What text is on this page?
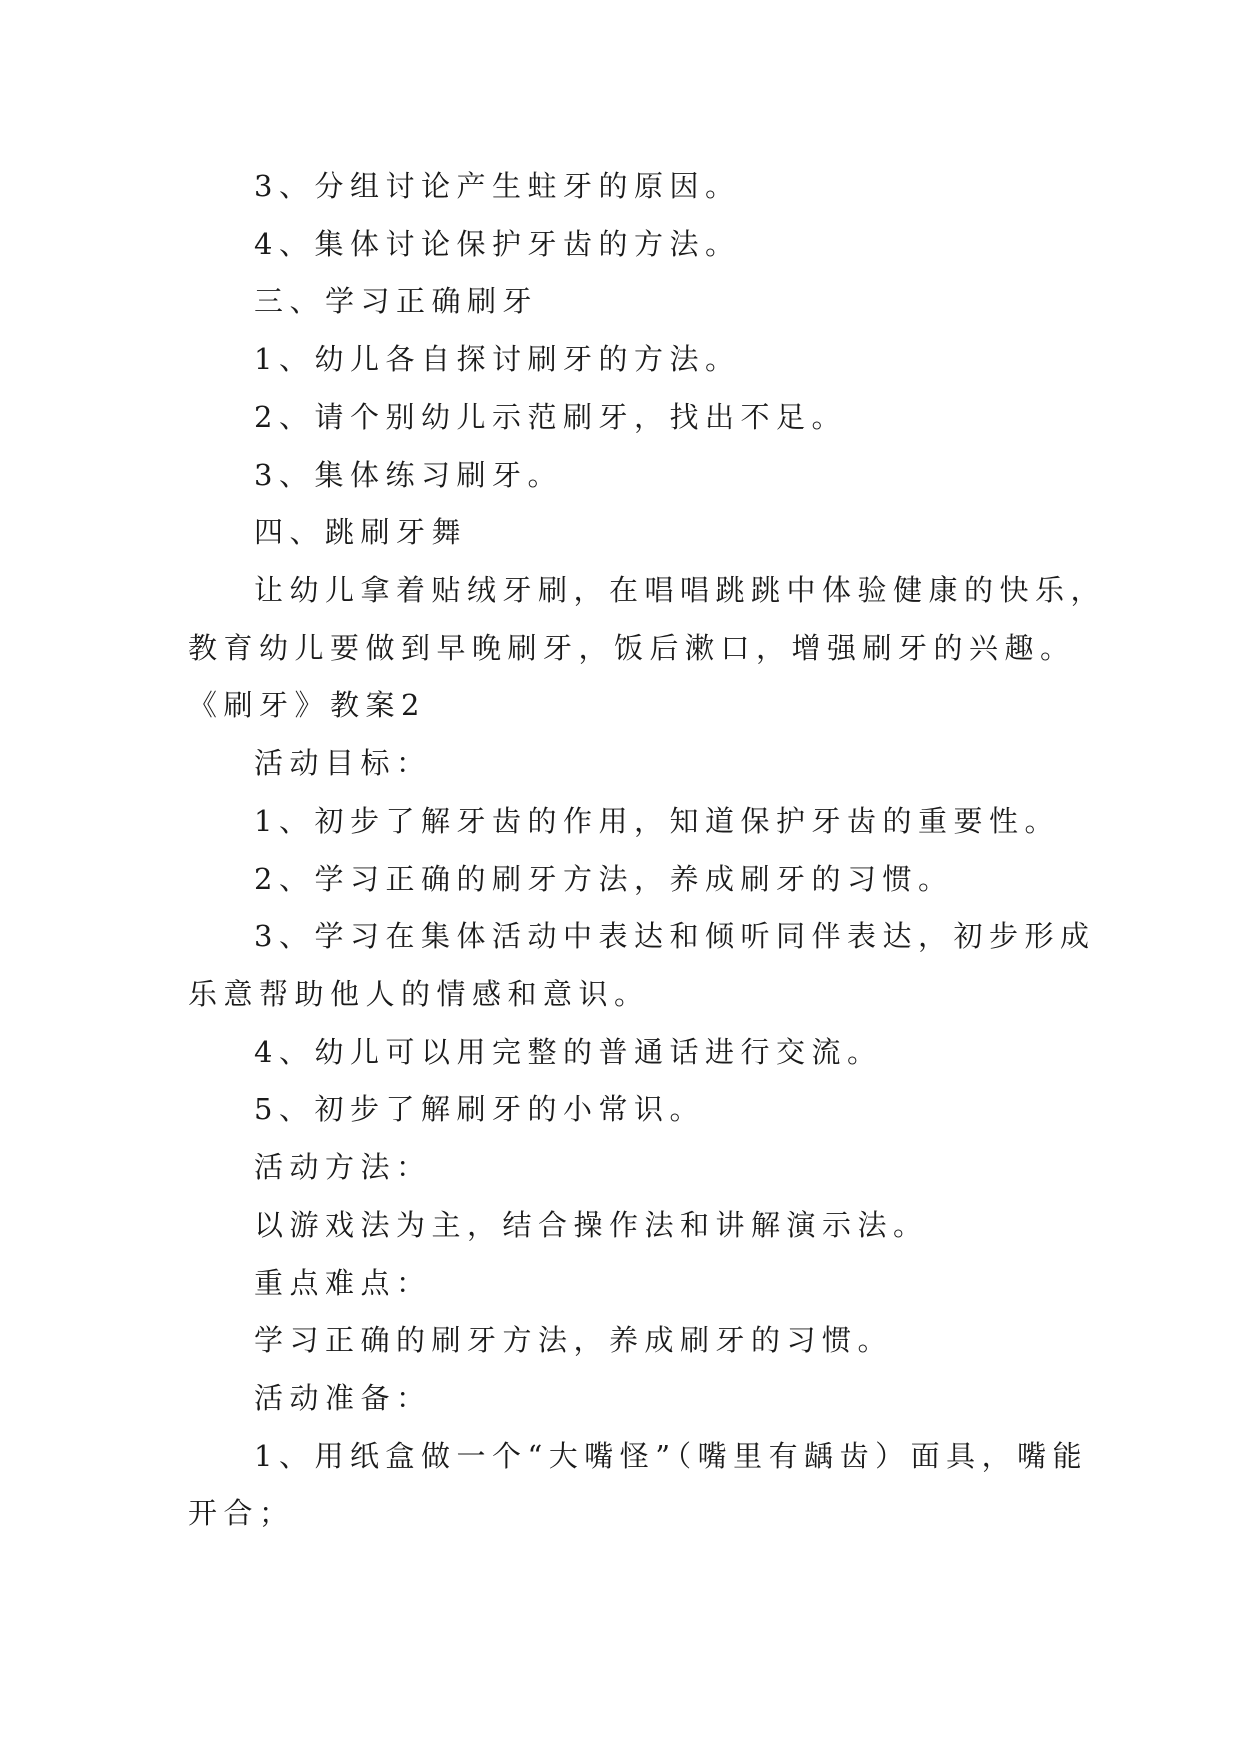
3、分组讨论产生蛀牙的原因。
4、集体讨论保护牙齿的方法。
三、学习正确刷牙
1、幼儿各自探讨刷牙的方法。
2、请个别幼儿示范刷牙，找出不足。
3、集体练习刷牙。
四、跳刷牙舞
让幼儿拿着贴绒牙刷，在唱唱跳跳中体验健康的快乐，
教育幼儿要做到早晚刷牙，饭后漱口，增强刷牙的兴趣。
《刷牙》教案2
活动目标：
1、初步了解牙齿的作用，知道保护牙齿的重要性。
2、学习正确的刷牙方法，养成刷牙的习惯。
3、学习在集体活动中表达和倾听同伴表达，初步形成
乐意帮助他人的情感和意识。
4、幼儿可以用完整的普通话进行交流。
5、初步了解刷牙的小常识。
活动方法：
以游戏法为主，结合操作法和讲解演示法。
重点难点：
学习正确的刷牙方法，养成刷牙的习惯。
活动准备：
1、用纸盒做一个“大嘴怪”（嘴里有龋齿）面具，嘴能
开合；
